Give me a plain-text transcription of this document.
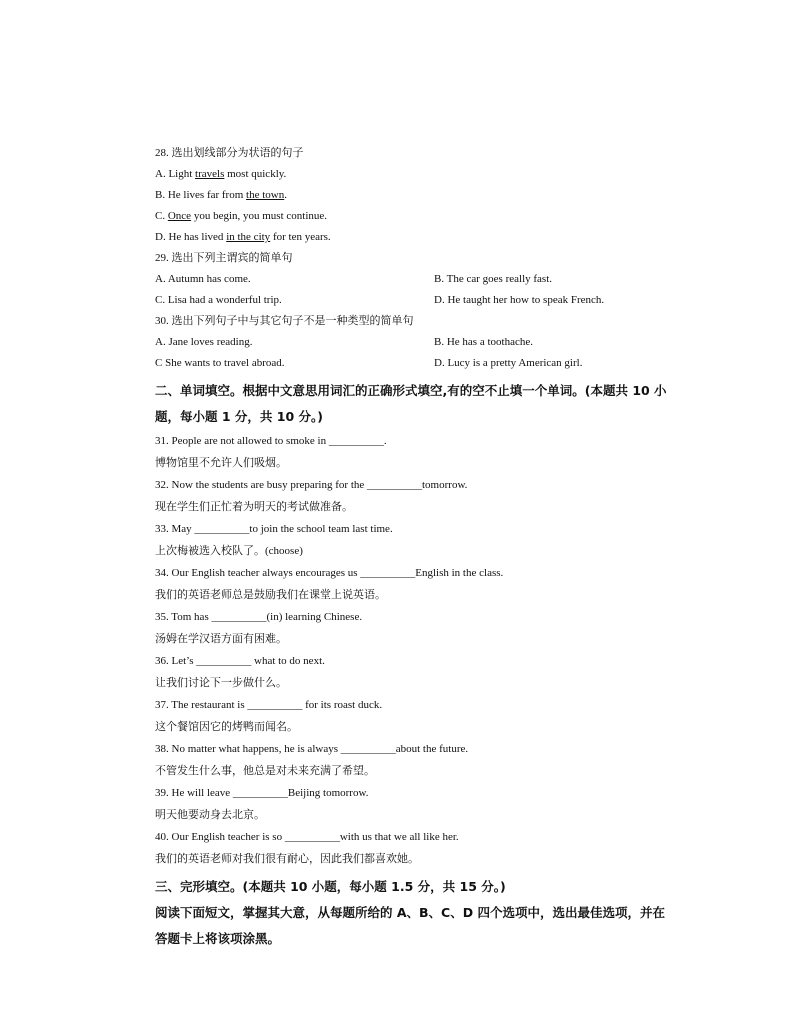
28. 选出划线部分为状语的句子
A. Light travels most quickly.
B. He lives far from the town.
C. Once you begin, you must continue.
D. He has lived in the city for ten years.
29. 选出下列主谓宾的简单句
A. Autumn has come.	B. The car goes really fast.
C. Lisa had a wonderful trip.	D. He taught her how to speak French.
30. 选出下列句子中与其它句子不是一种类型的简单句
A. Jane loves reading.	B. He has a toothache.
C She wants to travel abroad.	D. Lucy is a pretty American girl.
二、单词填空。根据中文意思用词汇的正确形式填空,有的空不止填一个单词。(本题共 10 小
题，每小题 1 分，共 10 分。)
31. People are not allowed to smoke in __________.
博物馆里不允许人们吸烟。
32. Now the students are busy preparing for the __________tomorrow.
现在学生们正忙着为明天的考试做准备。
33. May __________to join the school team last time.
上次梅被选入校队了。(choose)
34. Our English teacher always encourages us __________English in the class.
我们的英语老师总是鼓励我们在课堂上说英语。
35. Tom has __________(in) learning Chinese.
汤姆在学汉语方面有困难。
36. Let’s __________ what to do next.
让我们讨论下一步做什么。
37. The restaurant is __________ for its roast duck.
这个餐馆因它的烤鸭而闻名。
38. No matter what happens, he is always __________about the future.
不管发生什么事，他总是对未来充满了希望。
39. He will leave __________Beijing tomorrow.
明天他要动身去北京。
40. Our English teacher is so __________with us that we all like her.
我们的英语老师对我们很有耐心，因此我们都喜欢她。
三、完形填空。(本题共 10 小题，每小题 1.5 分，共 15 分。)
阅读下面短文，掌握其大意，从每题所给的 A、B、C、D 四个选项中，选出最佳选项，并在
答题卡上将该项涂黑。
